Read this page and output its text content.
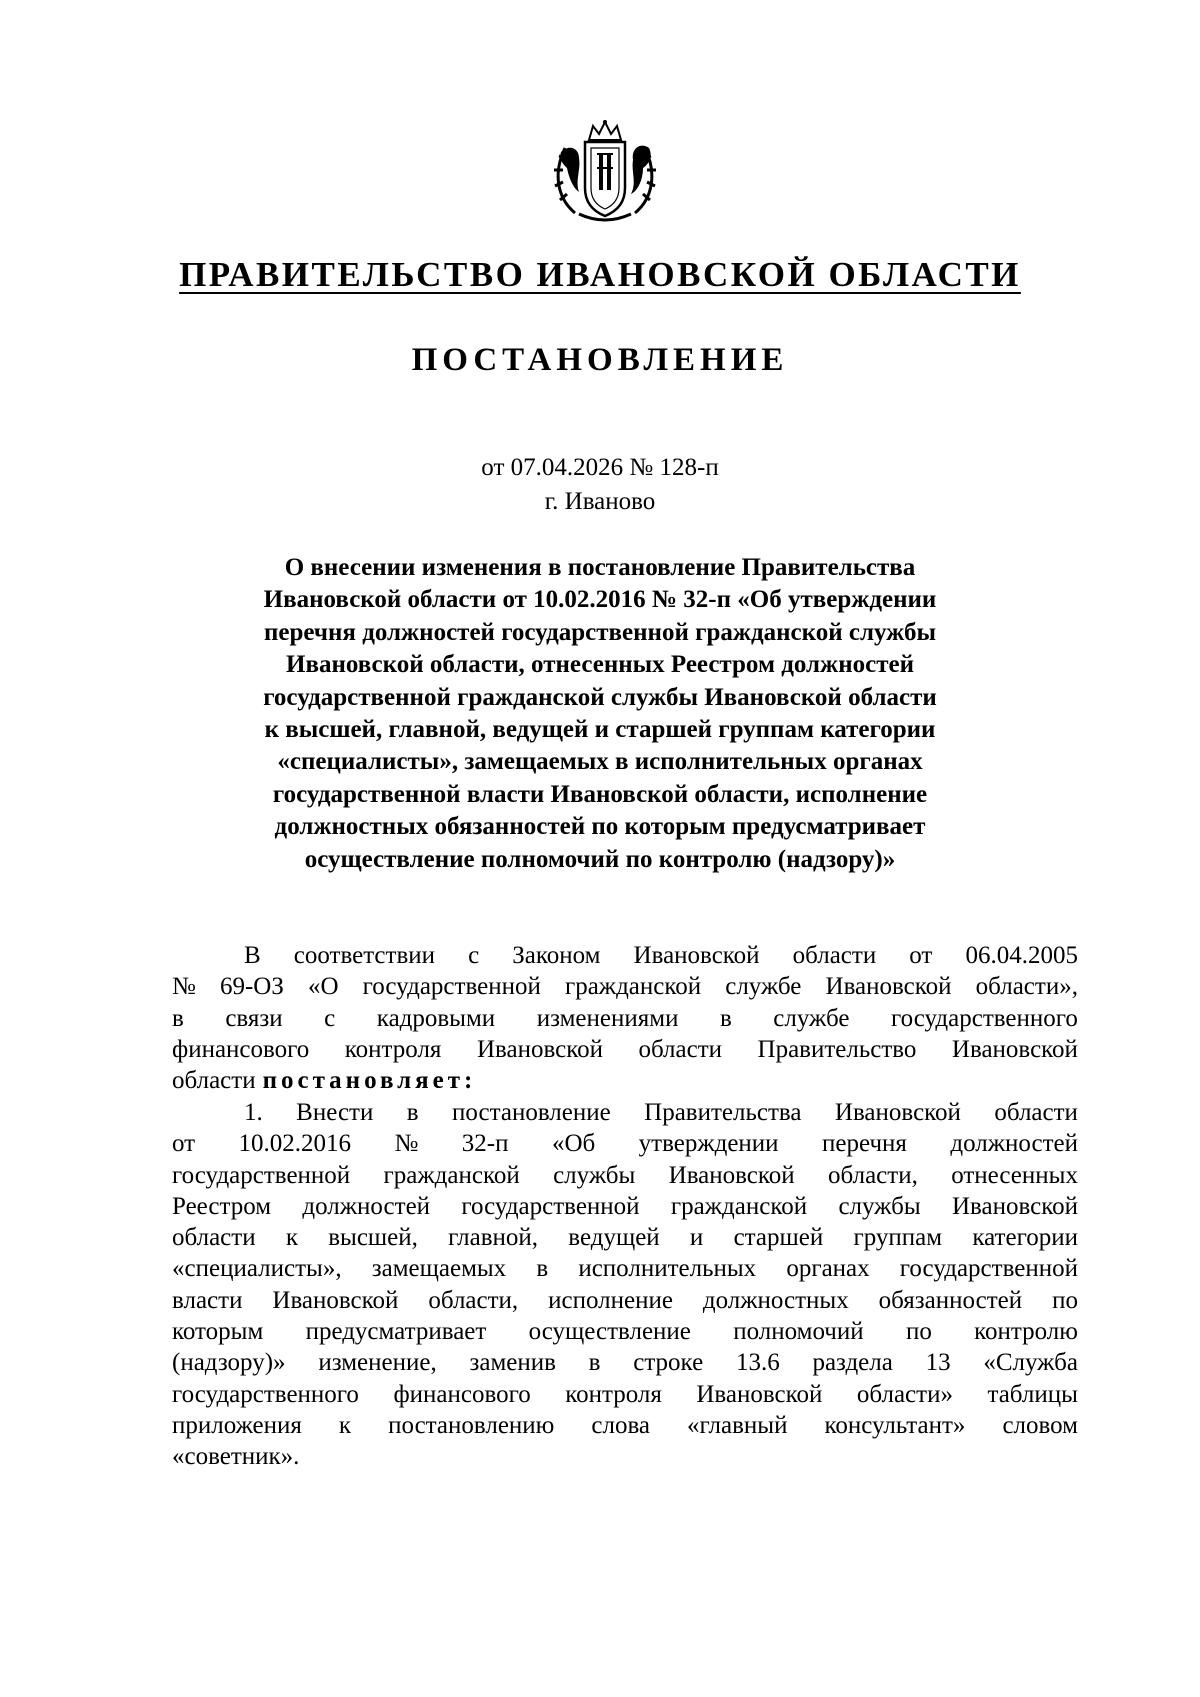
ПРАВИТЕЛЬСТВО ИВАНОВСКОЙ ОБЛАСТИ
ПОСТАНОВЛЕНИЕ
от 07.04.2026 № 128-п
г. Иваново
О внесении изменения в постановление Правительства
Ивановской области от 10.02.2016 № 32-п «Об утверждении
перечня должностей государственной гражданской службы
Ивановской области, отнесенных Реестром должностей
государственной гражданской службы Ивановской области
к высшей, главной, ведущей и старшей группам категории
«специалисты», замещаемых в исполнительных органах
государственной власти Ивановской области, исполнение
должностных обязанностей по которым предусматривает
осуществление полномочий по контролю (надзору)»
В соответствии с Законом Ивановской области от 06.04.2005
№ 69-ОЗ «О государственной гражданской службе Ивановской области»,
в связи с кадровыми изменениями в службе государственного
финансового контроля Ивановской области Правительство Ивановской
области постановляет:
1. Внести в постановление Правительства Ивановской области
от 10.02.2016 № 32-п «Об утверждении перечня должностей
государственной гражданской службы Ивановской области, отнесенных
Реестром должностей государственной гражданской службы Ивановской
области к высшей, главной, ведущей и старшей группам категории
«специалисты», замещаемых в исполнительных органах государственной
власти Ивановской области, исполнение должностных обязанностей по
которым предусматривает осуществление полномочий по контролю
(надзору)» изменение, заменив в строке 13.6 раздела 13 «Служба
государственного финансового контроля Ивановской области» таблицы
приложения к постановлению слова «главный консультант» словом
«советник».
